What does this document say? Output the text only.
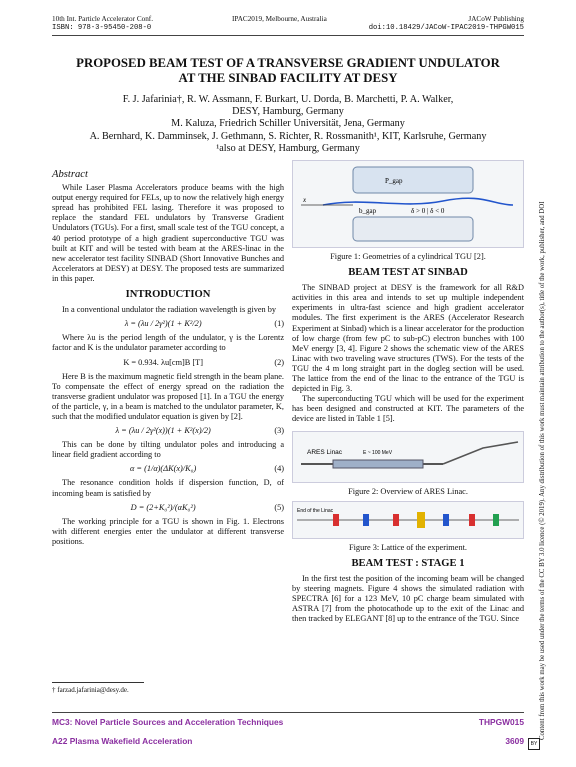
10th Int. Particle Accelerator Conf.
ISBN: 978-3-95450-208-0
IPAC2019, Melbourne, Australia	JACoW Publishing
doi:10.18429/JACoW-IPAC2019-THPGW015
PROPOSED BEAM TEST OF A TRANSVERSE GRADIENT UNDULATOR
AT THE SINBAD FACILITY AT DESY
F. J. Jafarinia†, R. W. Assmann, F. Burkart, U. Dorda, B. Marchetti, P. A. Walker,
DESY, Hamburg, Germany
M. Kaluza, Friedrich Schiller Universität, Jena, Germany
A. Bernhard, K. Damminsek, J. Gethmann, S. Richter, R. Rossmanith¹, KIT, Karlsruhe, Germany
¹also at DESY, Hamburg, Germany
Abstract

While Laser Plasma Accelerators produce beams with the high output energy required for FELs, up to now the relatively high energy spread has prohibited FEL lasing. Therefore it was proposed to replace the standard FEL undulators by Transverse Gradient Undulators (TGUs). For a first, small scale test of the TGU concept, a 40 period prototype of a high gradient superconductive TGU was built at KIT and will be tested with beam at the ARES-linac in the new accelerator test facility SINBAD (Short Innovative Bunches and Accelerators at DESY) at DESY. The proposed tests are summarized in this paper.

INTRODUCTION

In a conventional undulator the radiation wavelength is given by

λ = (λu / 2γ²)(1 + K²/2)	(1)

Where λu is the period length of the undulator, γ is the Lorentz factor and K is the undulator parameter according to

K = 0.934. λu[cm]B [T]	(2)

Here B is the maximum magnetic field strength in the beam plane. To compensate the effect of energy spread on the radiation the transverse gradient undulator was proposed [1]. In a TGU the energy of the particle, γ, in a beam is matched to the undulator parameter, K, such that the modified undulator equation is given by [2].

λ = (λu / 2γ²(x))(1 + K²(x)/2)	(3)

This can be done by tilting undulator poles and introducing a linear field gradient according to

α = (1/α)(ΔK(x)/K₀)	(4)

The resonance condition holds if dispersion function, D, of incoming beam is satisfied by

D = (2+K₀²)/(αK₀²)	(5)

The working principle for a TGU is shown in Fig. 1. Electrons with different energies enter the undulator at different transverse positions.

† farzad.jafarinia@desy.de.
x
P_gap
b_gap	δ > 0 | δ < 0
Figure 1: Geometries of a cylindrical TGU [2].
BEAM TEST AT SINBAD

The SINBAD project at DESY is the framework for all R&D activities in this area and intends to set up multiple independent experiments in ultra-fast science and high gradient accelerator modules. The first experiment is the ARES (Accelerator Research Experiment at Sinbad) which is a linear accelerator for the production of low charge (from few pC to sub-pC) electron bunches with 100 MeV energy [3, 4]. Figure 2 shows the schematic view of the ARES Linac with two traveling wave structures (TWS). For the tests of the TGU the 4 m long straight part in the dogleg section will be used. The lattice from the end of the linac to the entrance of the TGU is depicted in Fig. 3.

The superconducting TGU which will be used for the experiment has been designed and constructed at KIT. The parameters of the device are listed in Table 1 [5].

ARES Linac	E ~ 100 MeV
Figure 2: Overview of ARES Linac.
End of the Linac
Figure 3: Lattice of the experiment.
BEAM TEST : STAGE 1

In the first test the position of the incoming beam will be changed by steering magnets. Figure 4 shows the simulated radiation with SPECTRA [6] for a 123 MeV, 10 pC charge beam simulated with ASTRA [7] from the photocathode up to the exit of the Linac and then tracked by ELEGANT [8] up to the entrance of the TGU. Since

MC3: Novel Particle Sources and Acceleration Techniques
A22 Plasma Wakefield Acceleration
THPGW015
3609
Content from this work may be used under the terms of the CC BY 3.0 licence (© 2019). Any distribution of this work must maintain attribution to the author(s), title of the work, publisher, and DOI
BY
